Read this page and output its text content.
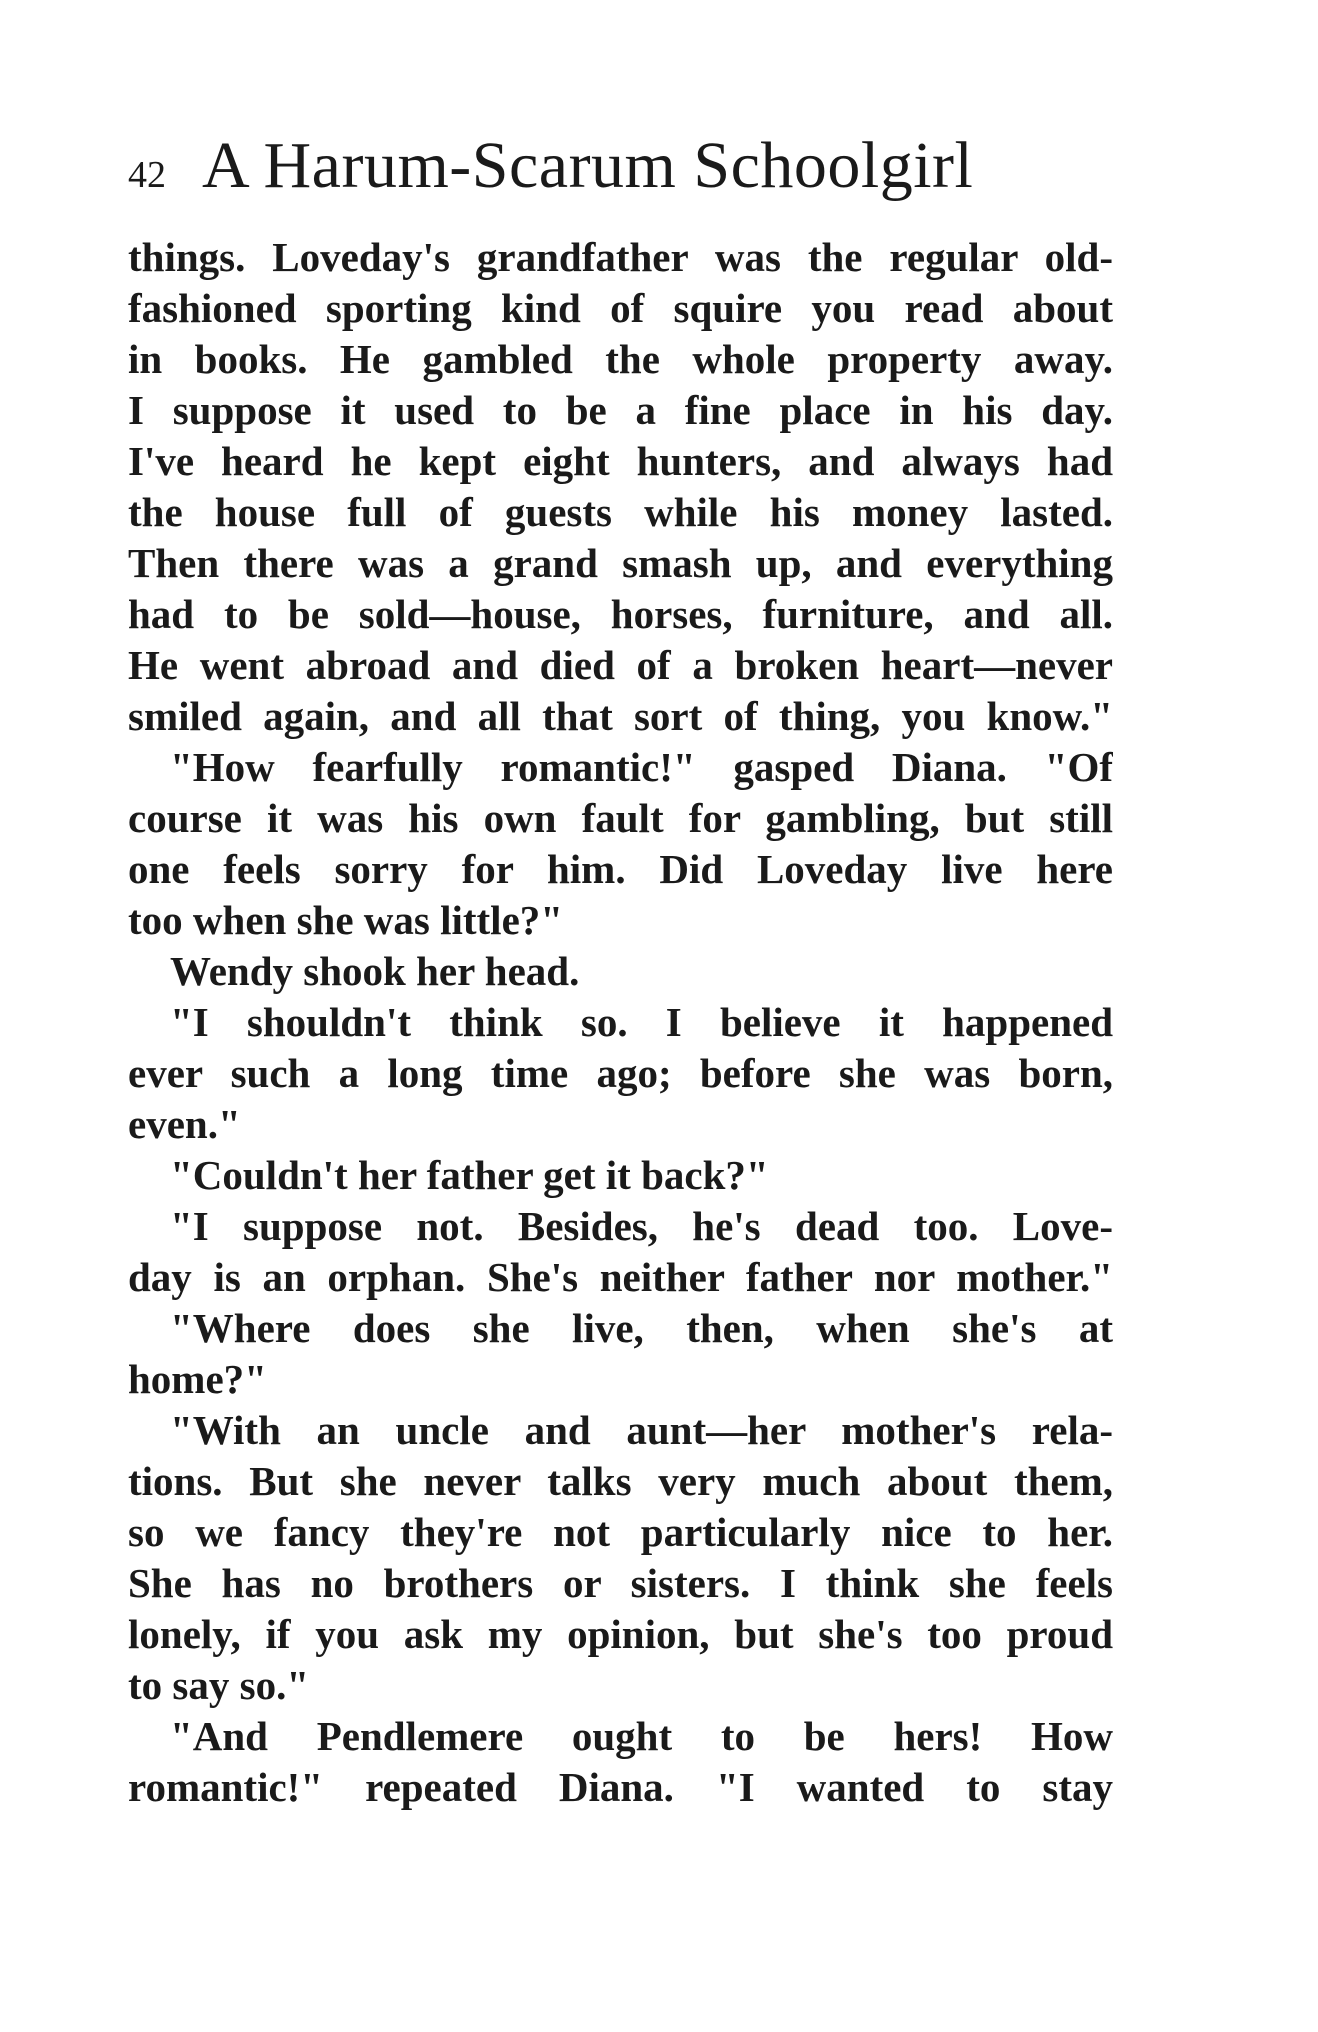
42 A Harum-Scarum Schoolgirl
things. Loveday's grandfather was the regular old-
fashioned sporting kind of squire you read about
in books. He gambled the whole property away.
I suppose it used to be a fine place in his day.
I've heard he kept eight hunters, and always had
the house full of guests while his money lasted.
Then there was a grand smash up, and everything
had to be sold—house, horses, furniture, and all.
He went abroad and died of a broken heart—never
smiled again, and all that sort of thing, you know."
"How fearfully romantic!" gasped Diana. "Of
course it was his own fault for gambling, but still
one feels sorry for him. Did Loveday live here
too when she was little?"
Wendy shook her head.
"I shouldn't think so. I believe it happened
ever such a long time ago; before she was born,
even."
"Couldn't her father get it back?"
"I suppose not. Besides, he's dead too. Love-
day is an orphan. She's neither father nor mother."
"Where does she live, then, when she's at
home?"
"With an uncle and aunt—her mother's rela-
tions. But she never talks very much about them,
so we fancy they're not particularly nice to her.
She has no brothers or sisters. I think she feels
lonely, if you ask my opinion, but she's too proud
to say so."
"And Pendlemere ought to be hers! How
romantic!" repeated Diana. "I wanted to stay
